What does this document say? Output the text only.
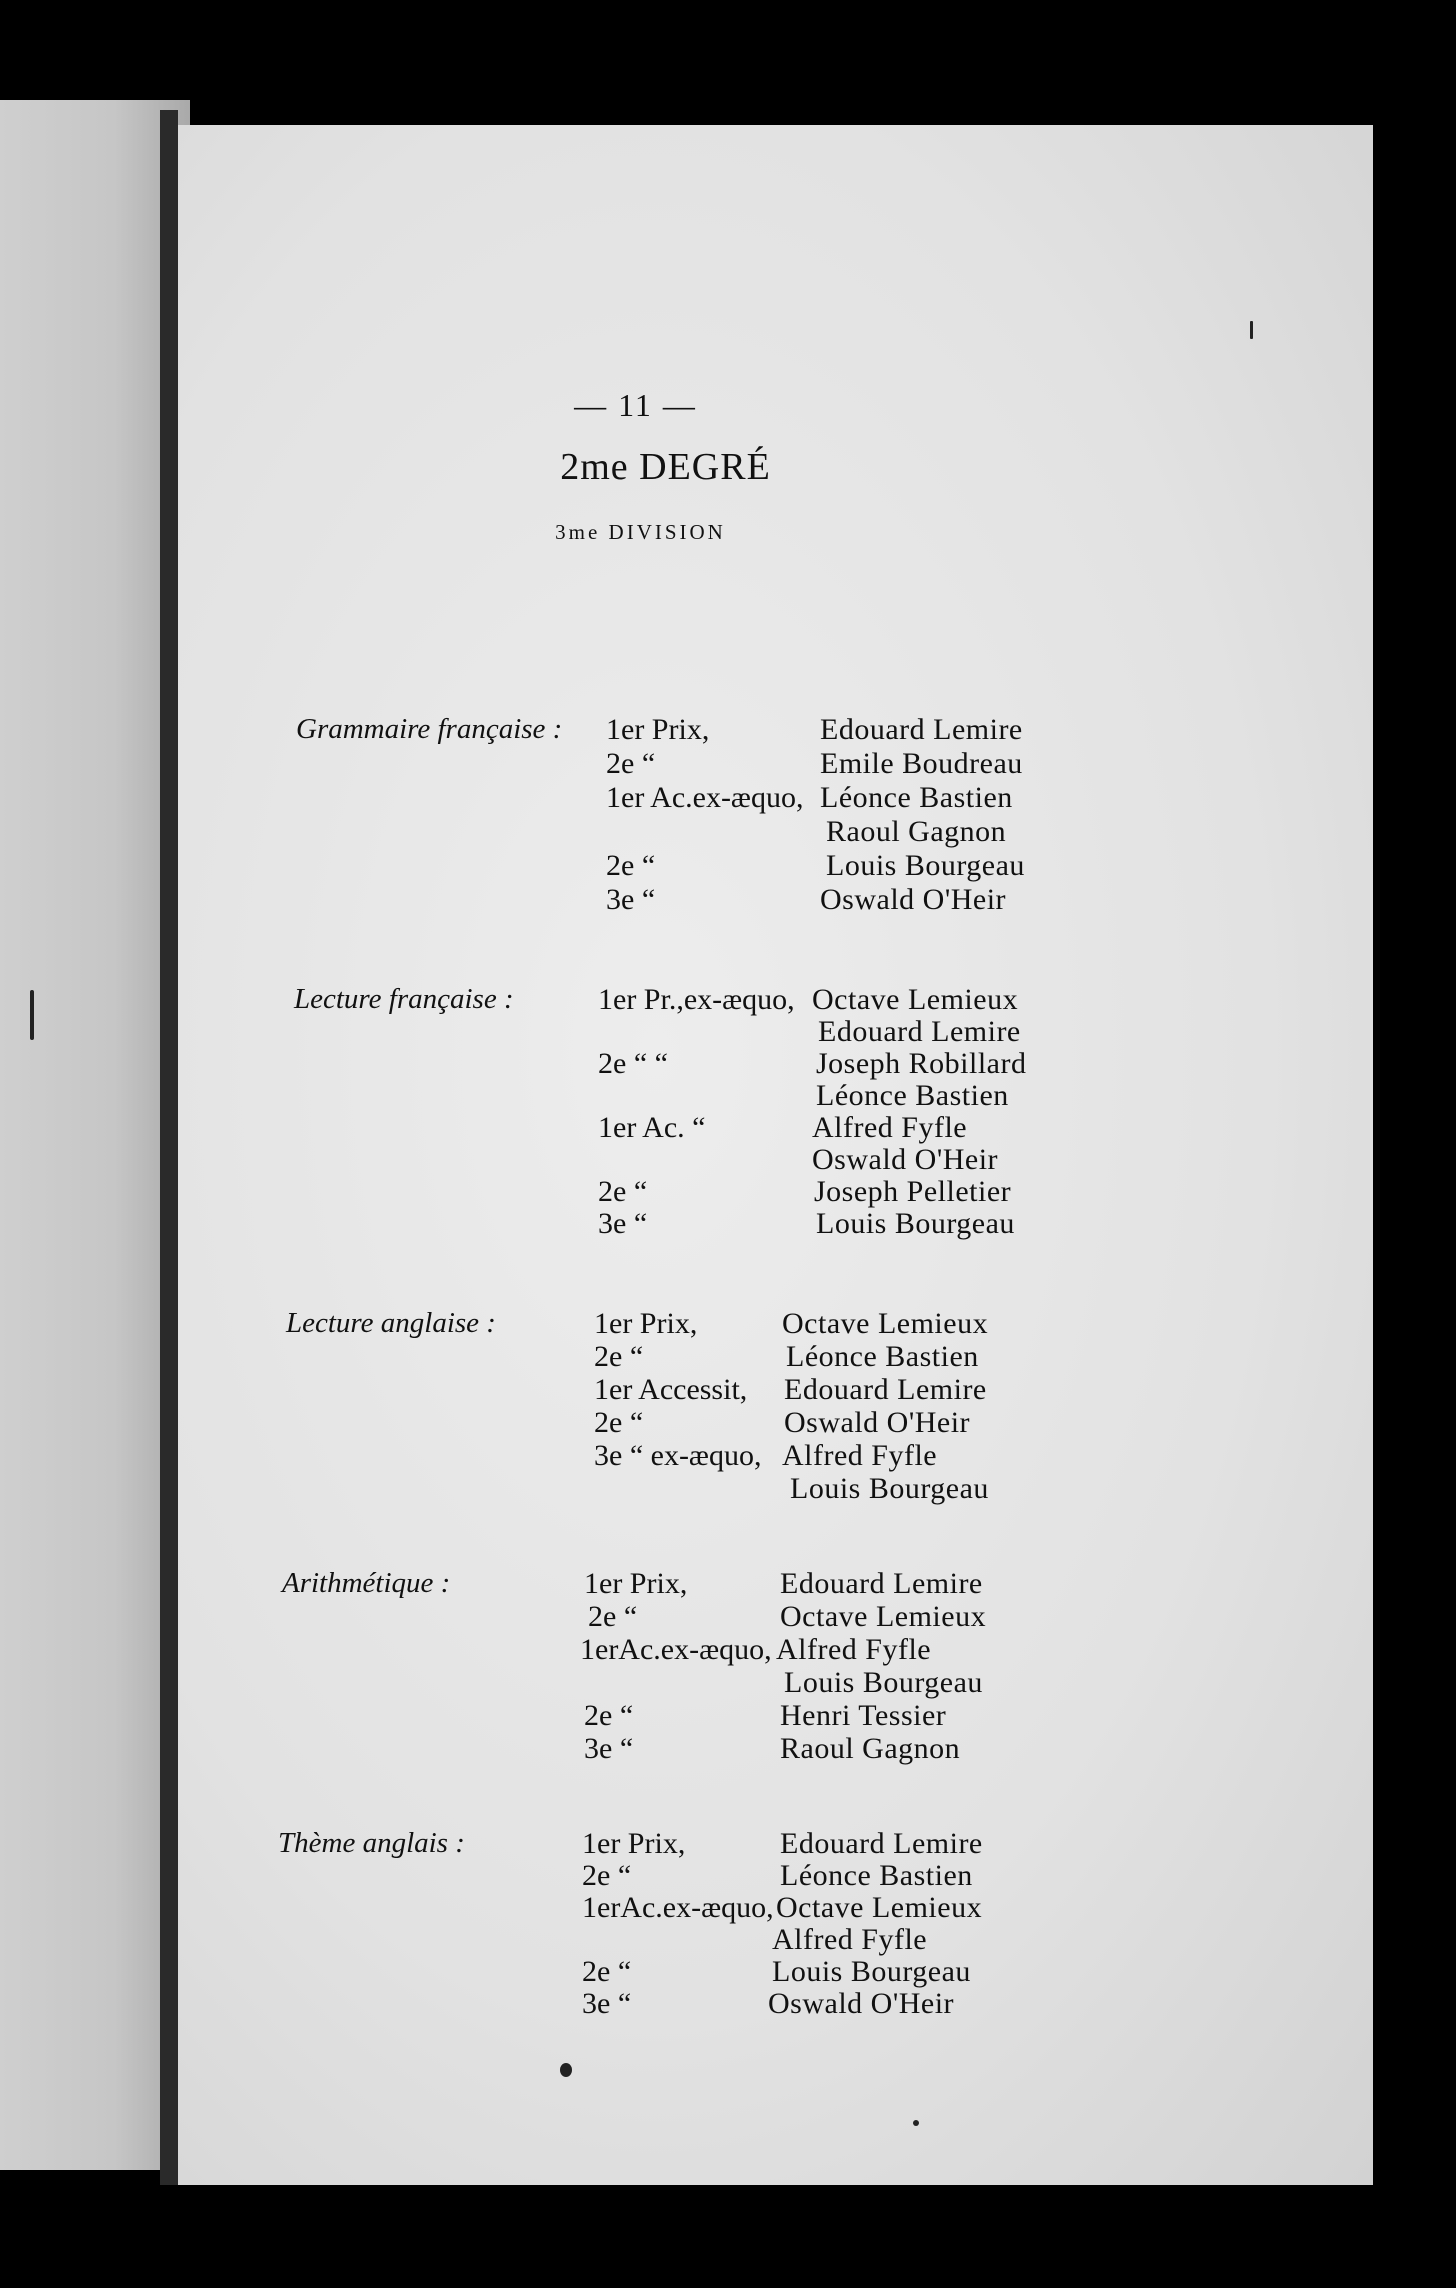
— 11 —
2me DEGRÉ
3me DIVISION
Grammaire française : 1er Prix,	Edouard Lemire
2e “	Emile Boudreau
1er Ac.ex-æquo, Léonce Bastien
Raoul Gagnon
2e “	Louis Bourgeau
3e “	Oswald O'Heir
Lecture française :	1er Pr.,ex-æquo, Octave Lemieux
Edouard Lemire
2e “ “	Joseph Robillard
Léonce Bastien
1er Ac. “	Alfred Fyfle
Oswald O'Heir
2e “	Joseph Pelletier
3e “	Louis Bourgeau
Lecture anglaise :	1er Prix,	Octave Lemieux
2e “	Léonce Bastien
1er Accessit, Edouard Lemire
2e “	Oswald O'Heir
3e “ ex-æquo, Alfred Fyfle
Louis Bourgeau
Arithmétique :	1er Prix,	Edouard Lemire
2e “	Octave Lemieux
1erAc.ex-æquo, Alfred Fyfle
Louis Bourgeau
2e “	Henri Tessier
3e “	Raoul Gagnon
Thème anglais :	1er Prix,	Edouard Lemire
2e “	Léonce Bastien
1erAc.ex-æquo, Octave Lemieux
Alfred Fyfle
2e “	Louis Bourgeau
3e “	Oswald O'Heir
